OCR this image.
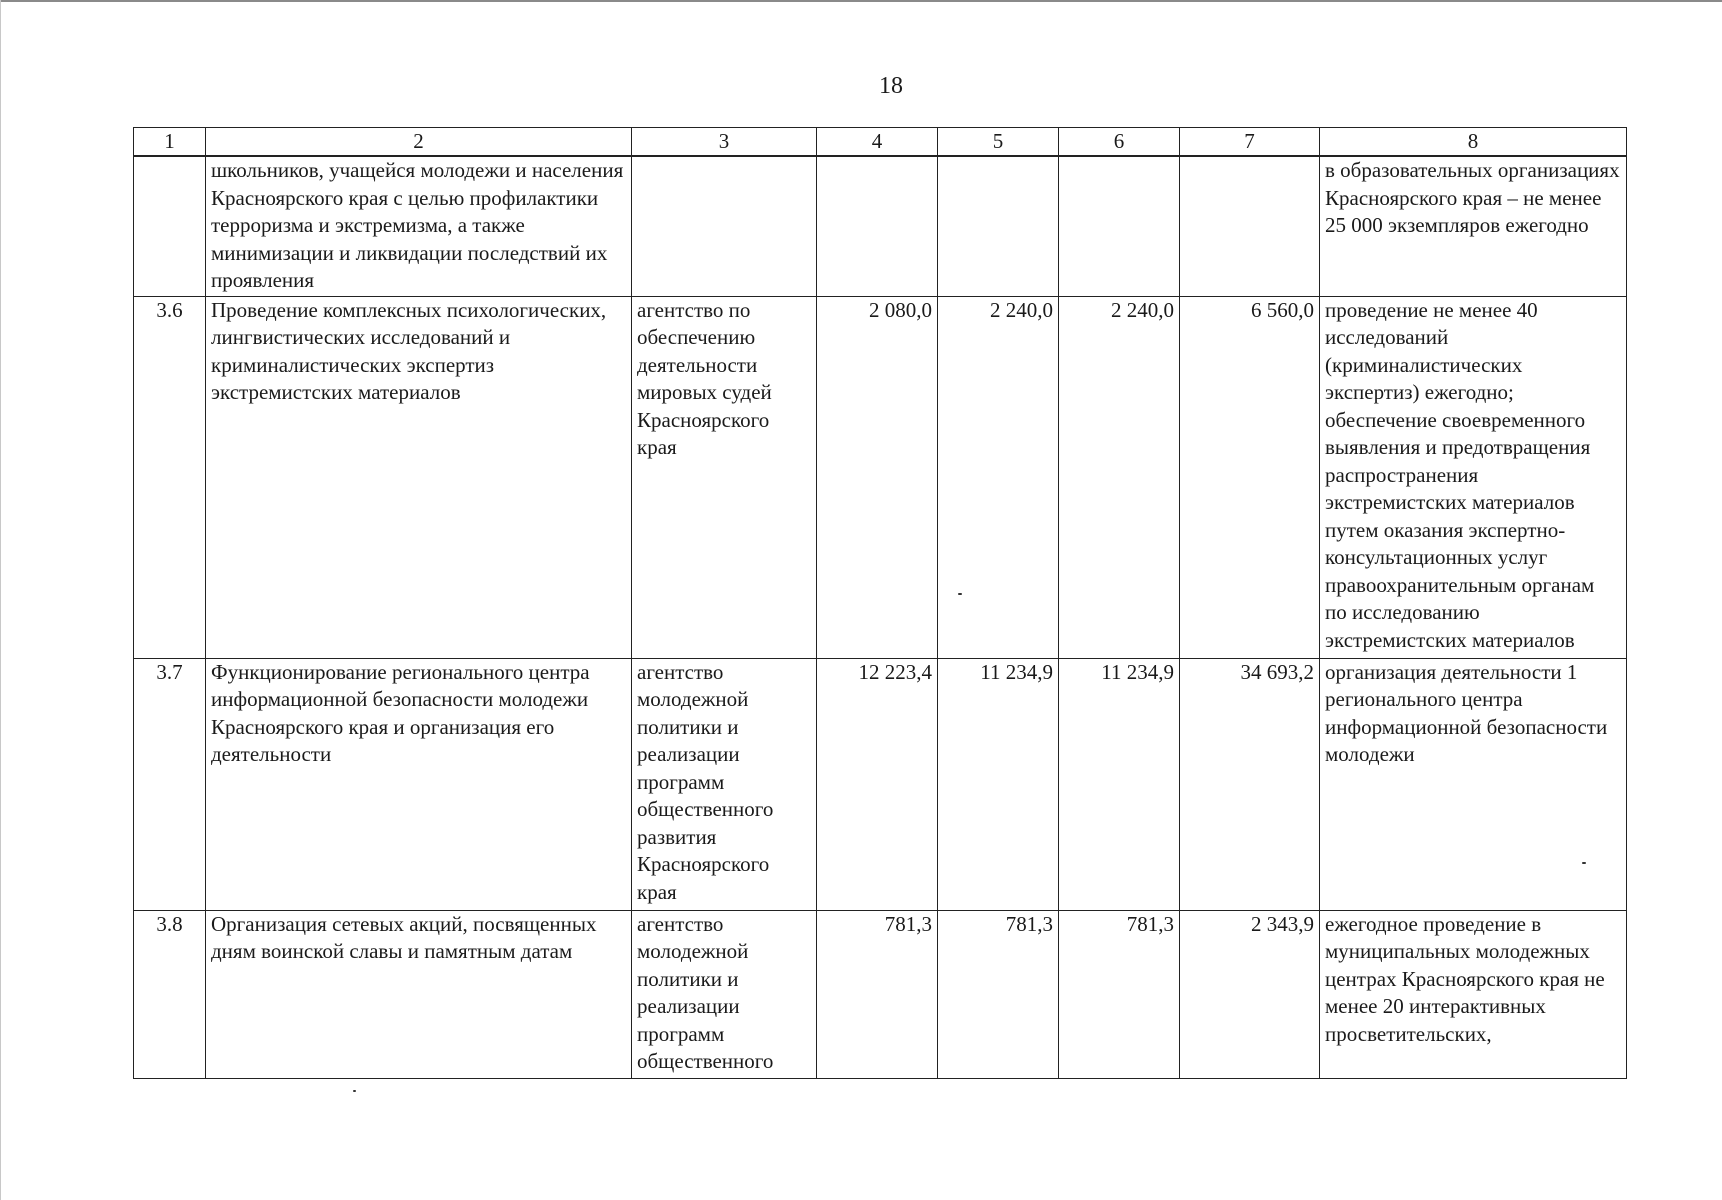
18
1	2	3	4	5	6	7	8
	школьников, учащейся молодежи и населения Красноярского края с целью профилактики терроризма и экстремизма, а также минимизации и ликвидации последствий их проявления						в образовательных организациях Красноярского края – не менее 25 000 экземпляров ежегодно
3.6	Проведение комплексных психологических, лингвистических исследований и криминалистических экспертиз экстремистских материалов	агентство по обеспечению деятельности мировых судей Красноярского края	2 080,0	2 240,0	2 240,0	6 560,0	проведение не менее 40 исследований (криминалистических экспертиз) ежегодно; обеспечение своевременного выявления и предотвращения распространения экстремистских материалов путем оказания экспертно-консультационных услуг правоохранительным органам по исследованию экстремистских материалов
3.7	Функционирование регионального центра информационной безопасности молодежи Красноярского края и организация его деятельности	агентство молодежной политики и реализации программ общественного развития Красноярского края	12 223,4	11 234,9	11 234,9	34 693,2	организация деятельности 1 регионального центра информационной безопасности молодежи
3.8	Организация сетевых акций, посвященных дням воинской славы и памятным датам	агентство молодежной политики и реализации программ общественного	781,3	781,3	781,3	2 343,9	ежегодное проведение в муниципальных молодежных центрах Красноярского края не менее 20 интерактивных просветительских,
